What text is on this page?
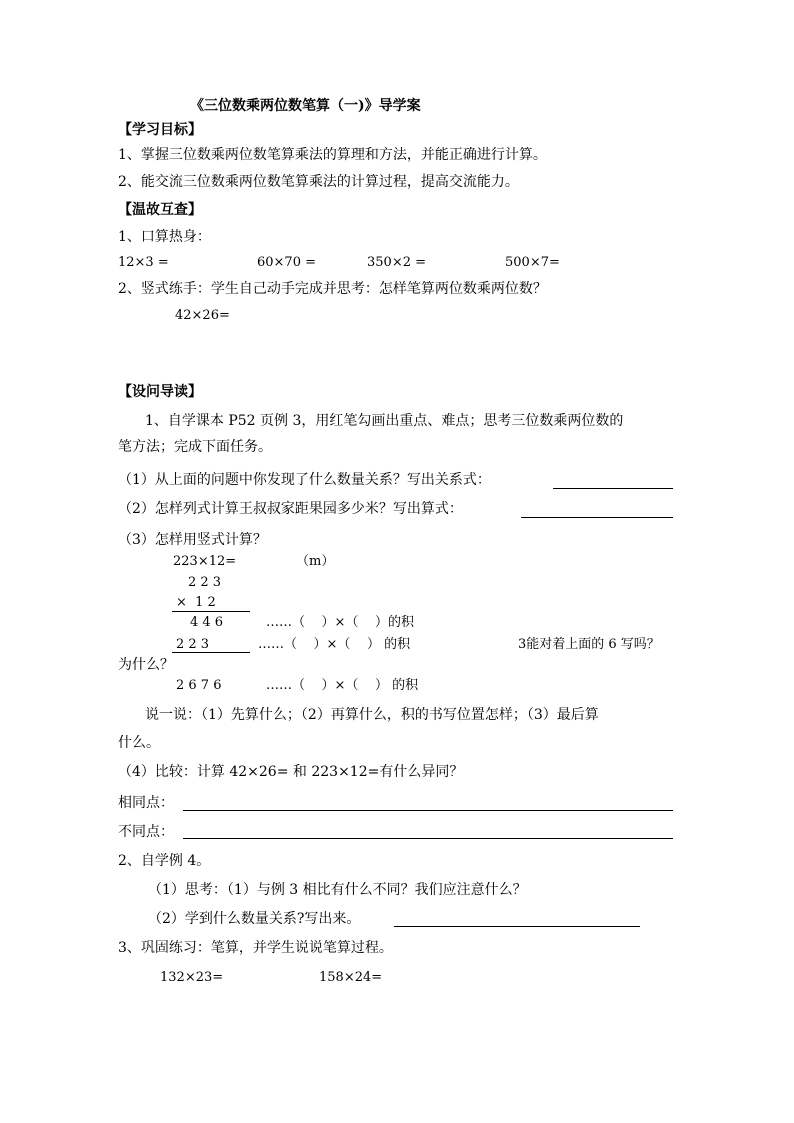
《三位数乘两位数笔算（一)》导学案
【学习目标】
1、掌握三位数乘两位数笔算乘法的算理和方法，并能正确进行计算。
2、能交流三位数乘两位数笔算乘法的计算过程，提高交流能力。
【温故互查】
1、口算热身：
12×3 =	60×70 =	350×2 =	500×7=
2、竖式练手：学生自己动手完成并思考：怎样笔算两位数乘两位数？
42×26=
【设问导读】
1、自学课本 P52 页例 3，用红笔勾画出重点、难点；思考三位数乘两位数的
笔方法；完成下面任务。
（1）从上面的问题中你发现了什么数量关系？写出关系式：
（2）怎样列式计算王叔叔家距果园多少米？写出算式：
（3）怎样用竖式计算？
223×12=	（m）
2 2 3
×  1 2
4 4 6	……（    ）×（    ）的积
2 2 3	……（    ）×（    ） 的积	3能对着上面的 6 写吗？
为什么？
2 6 7 6	……（    ）×（    ） 的积
说一说：（1）先算什么；（2）再算什么，积的书写位置怎样；（3）最后算
什么。
（4）比较：计算 42×26= 和 223×12=有什么异同？
相同点：
不同点：
2、自学例 4。
（1）思考：（1）与例 3 相比有什么不同？我们应注意什么？
（2）学到什么数量关系?写出来。
3、巩固练习：笔算，并学生说说笔算过程。
132×23=	158×24=
